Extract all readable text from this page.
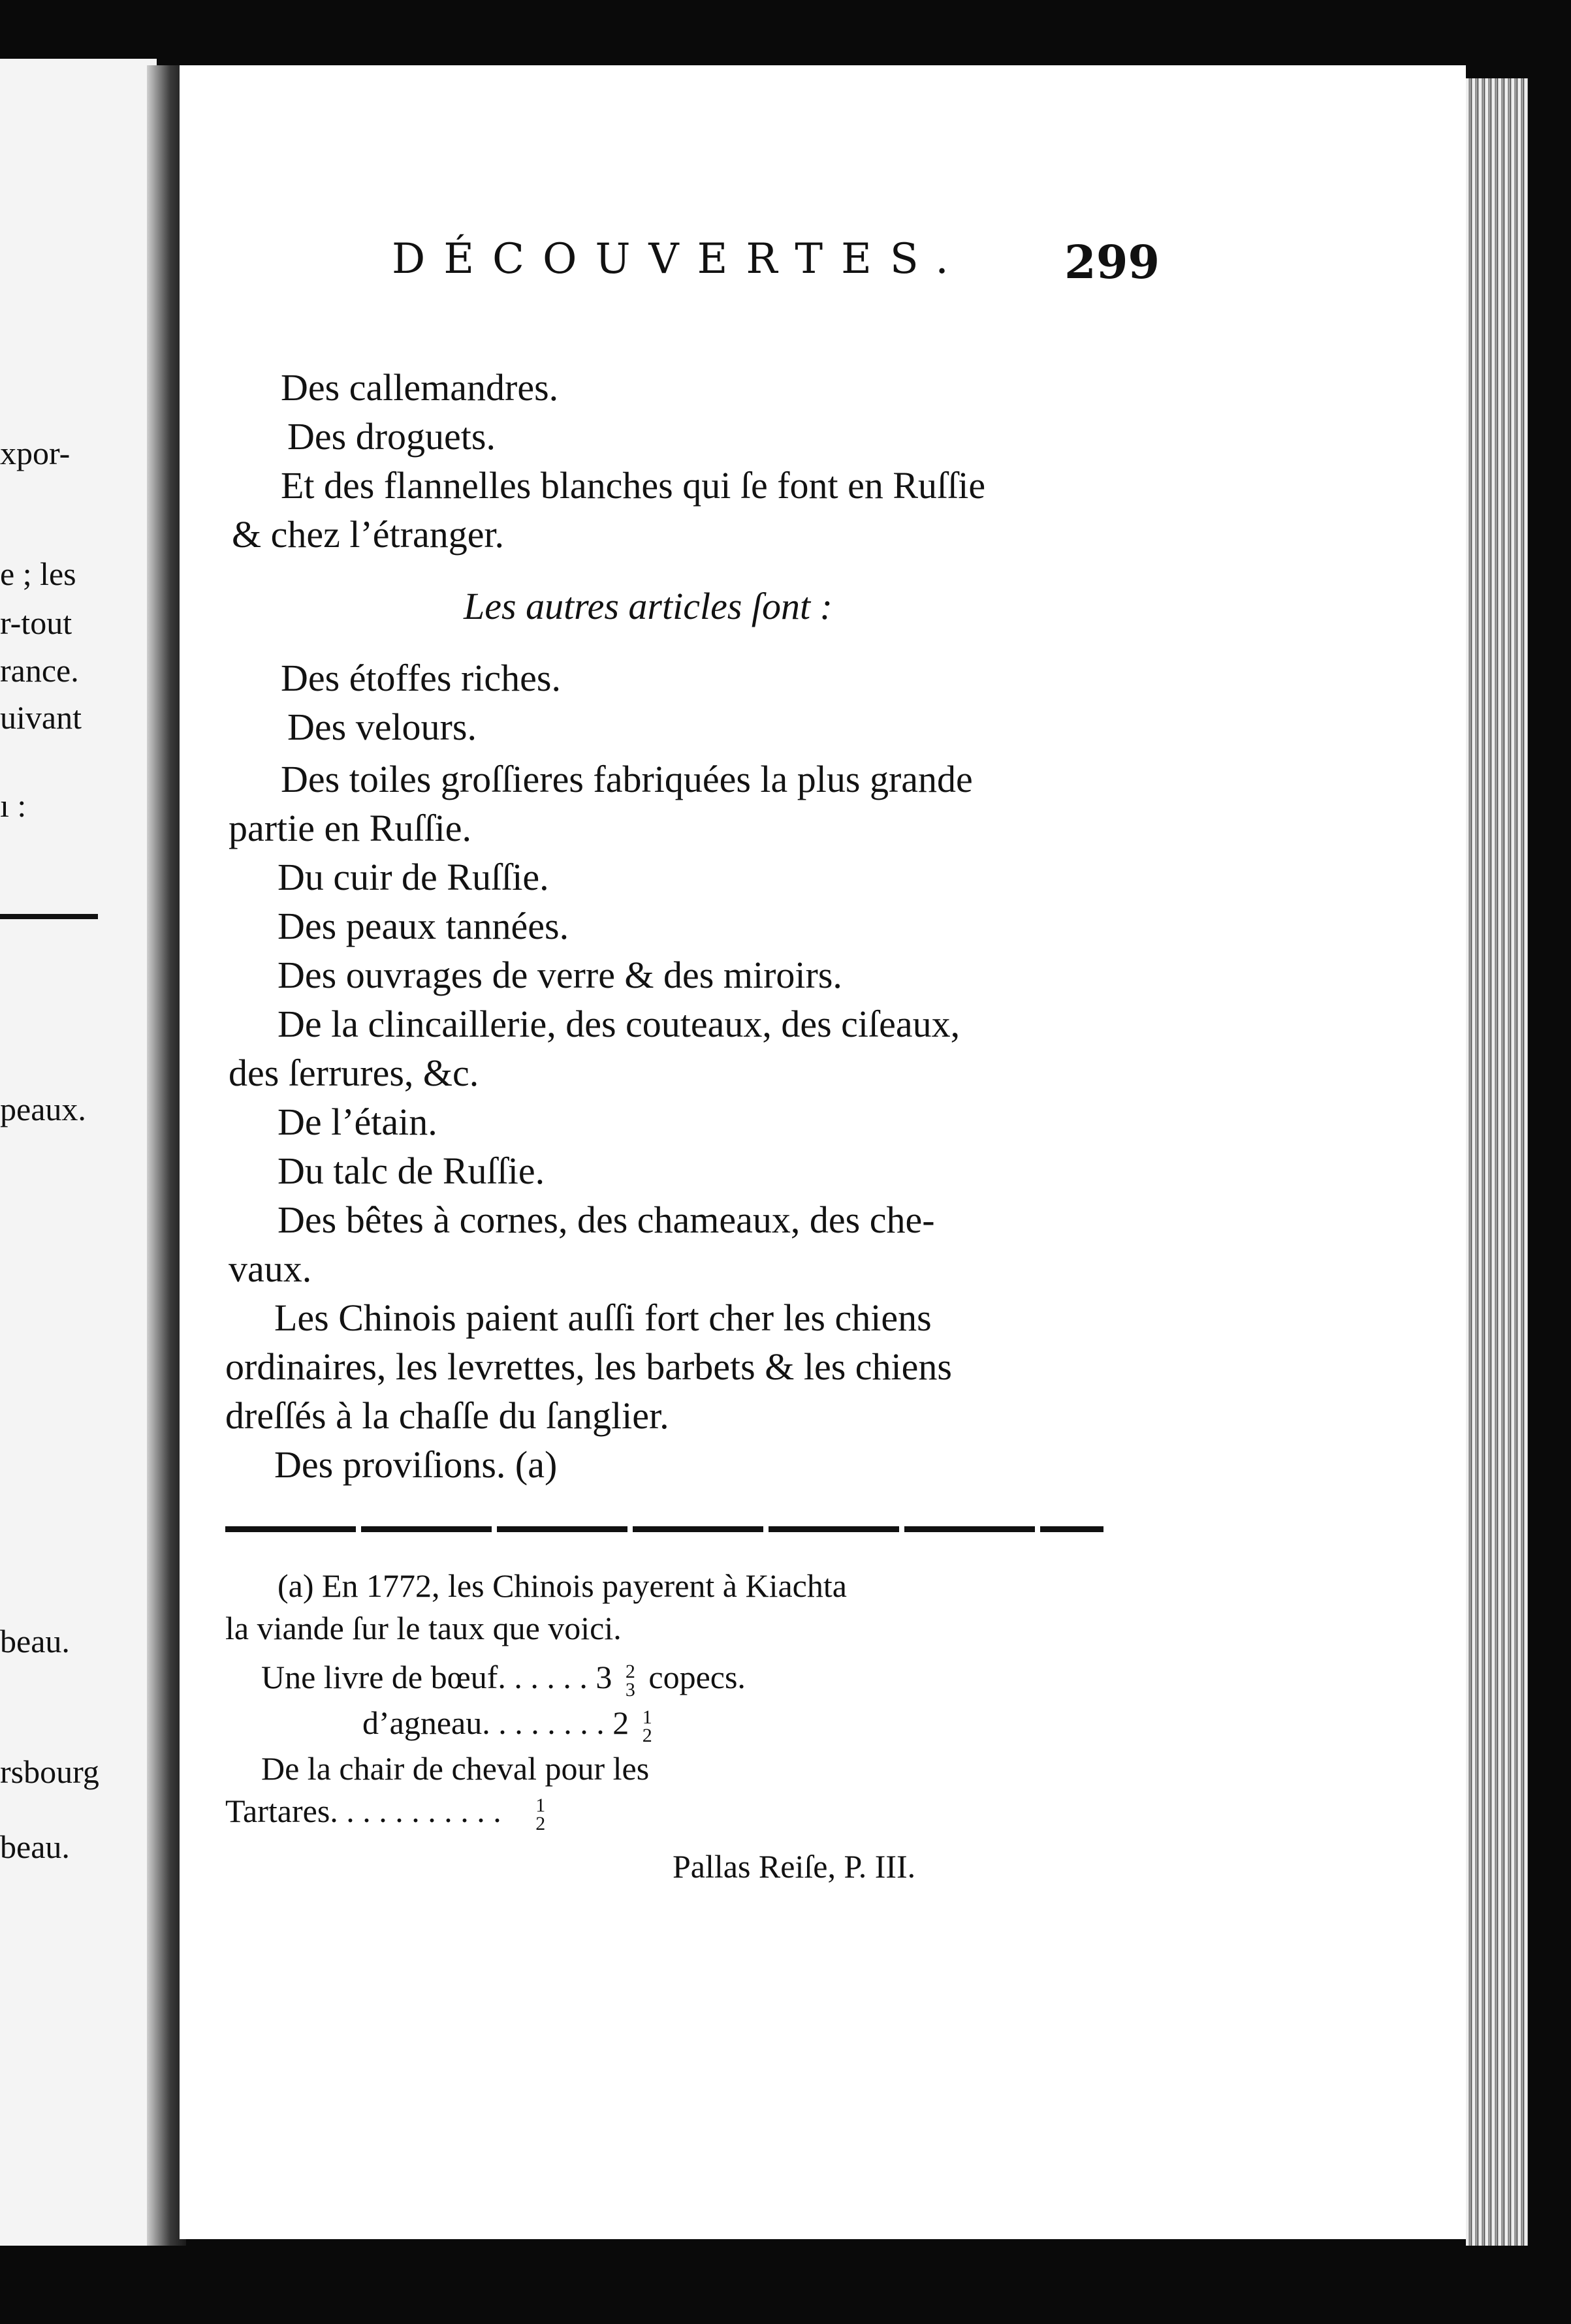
xpor-
e ; les
r-tout
rance.
uivant
ı :
peaux.
beau.
rsbourg
beau.
DÉCOUVERTES. 299
Des callemandres.
Des droguets.
Et des flannelles blanches qui ſe font en Ruſſie
& chez l’étranger.
Les autres articles ſont :
Des étoffes riches.
Des velours.
Des toiles groſſieres fabriquées la plus grande
partie en Ruſſie.
Du cuir de Ruſſie.
Des peaux tannées.
Des ouvrages de verre & des miroirs.
De la clincaillerie, des couteaux, des ciſeaux,
des ſerrures, &c.
De l’étain.
Du talc de Ruſſie.
Des bêtes à cornes, des chameaux, des che-
vaux.
Les Chinois paient auſſi fort cher les chiens
ordinaires, les levrettes, les barbets & les chiens
dreſſés à la chaſſe du ſanglier.
Des proviſions. (a)
(a) En 1772, les Chinois payerent à Kiachta
la viande ſur le taux que voici.
Une livre de bœuf. . . . . . 3 2
3 copecs.
d’agneau. . . . . . . . 2 1
2
De la chair de cheval pour les
Tartares. . . . . . . . . . . 1
2
Pallas Reiſe, P. III.
